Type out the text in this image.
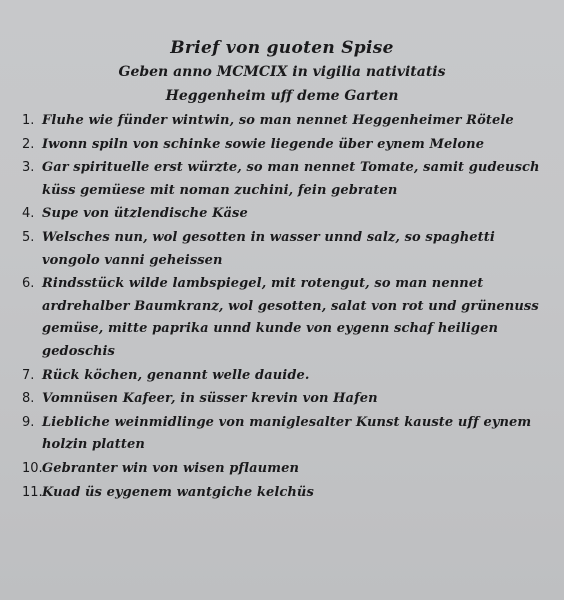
Brief von guoten Spise
Geben anno MCMCIX in vigilia nativitatis
Heggenheim uff deme Garten
1. Fluhe wie fünder wintwin, so man nennet Heggenheimer Rötele
2. Iwonn spiln von schinke sowie liegende über eynem Melone
3. Gar spirituelle erst würzte, so man nennet Tomate, samit gudeusch küss gemüese mit noman zuchini, fein gebraten
4. Supe von ützlendische Käse
5. Welsches nun, wol gesotten in wasser unnd salz, so spaghetti vongolo vanni geheissen
6. Rindsstück wilde lambspiegel, mit rotengut, so man nennet ardrehalber Baumkranz, wol gesotten, salat von rot und grünenuss gemüse, mitte paprika unnd kunde von eygenn schaf heiligen gedoschis
7. Rück köchen, genannt welle dauide.
8. Vomnüsen Kafeer, in süsser krevin von Hafen
9. Liebliche weinmidlinge von maniglesalter Kunst kauste uff eynem holzin platten
10. Gebranter win von wisen pflaumen
11. Kuad üs eygenem wantgiche kelchüs
